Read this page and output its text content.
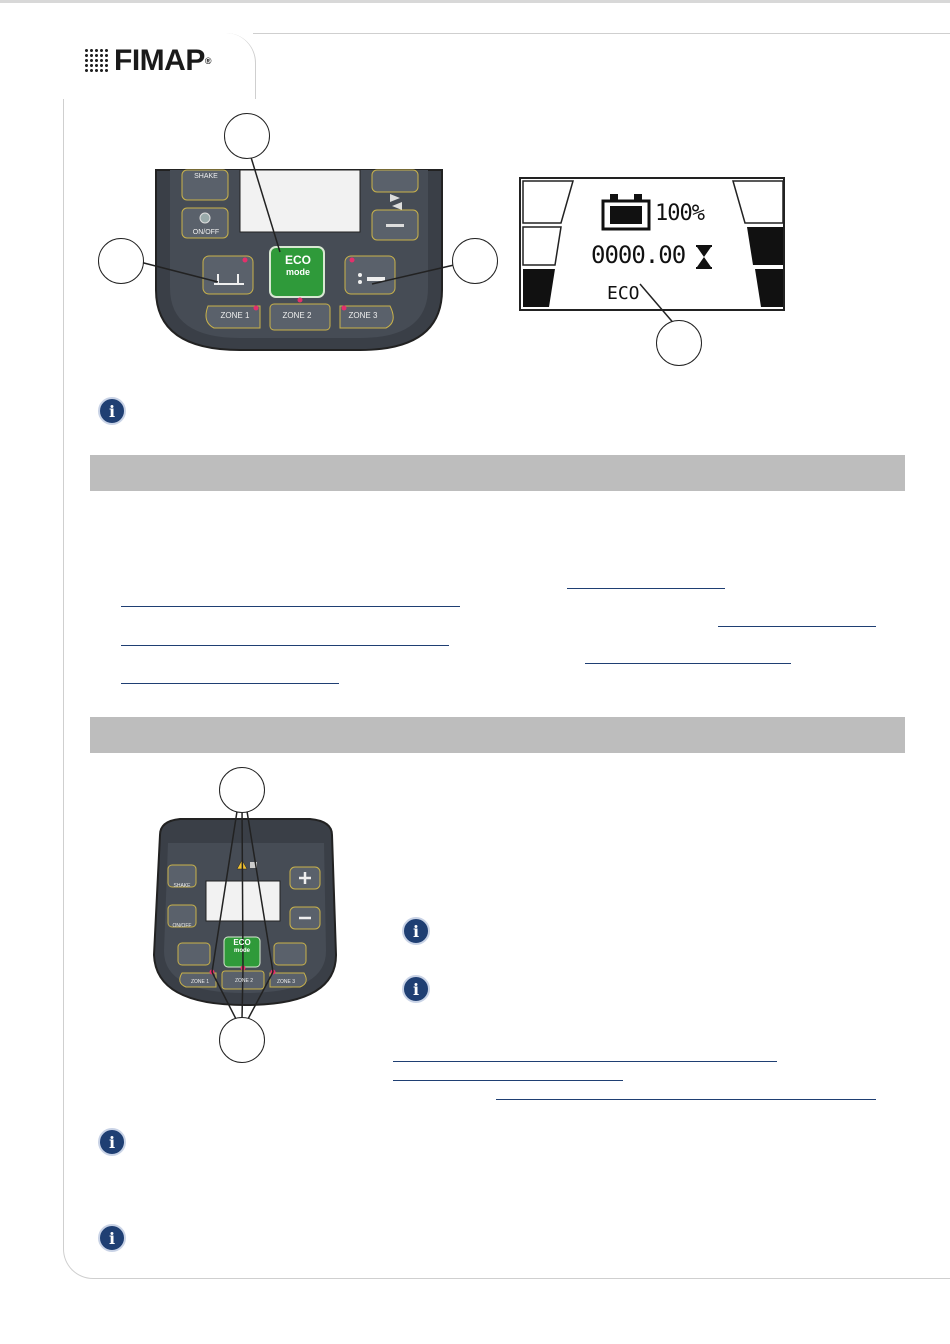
FIMAP®
SHAKE
ON/OFF
ECO
mode
ZONE 1	ZONE 2	ZONE 3
100%
0000.00
ECO
i
SHAKE
ON/OFF
ECO
mode
ZONE 1	ZONE 2	ZONE 3
i
i
i
i
